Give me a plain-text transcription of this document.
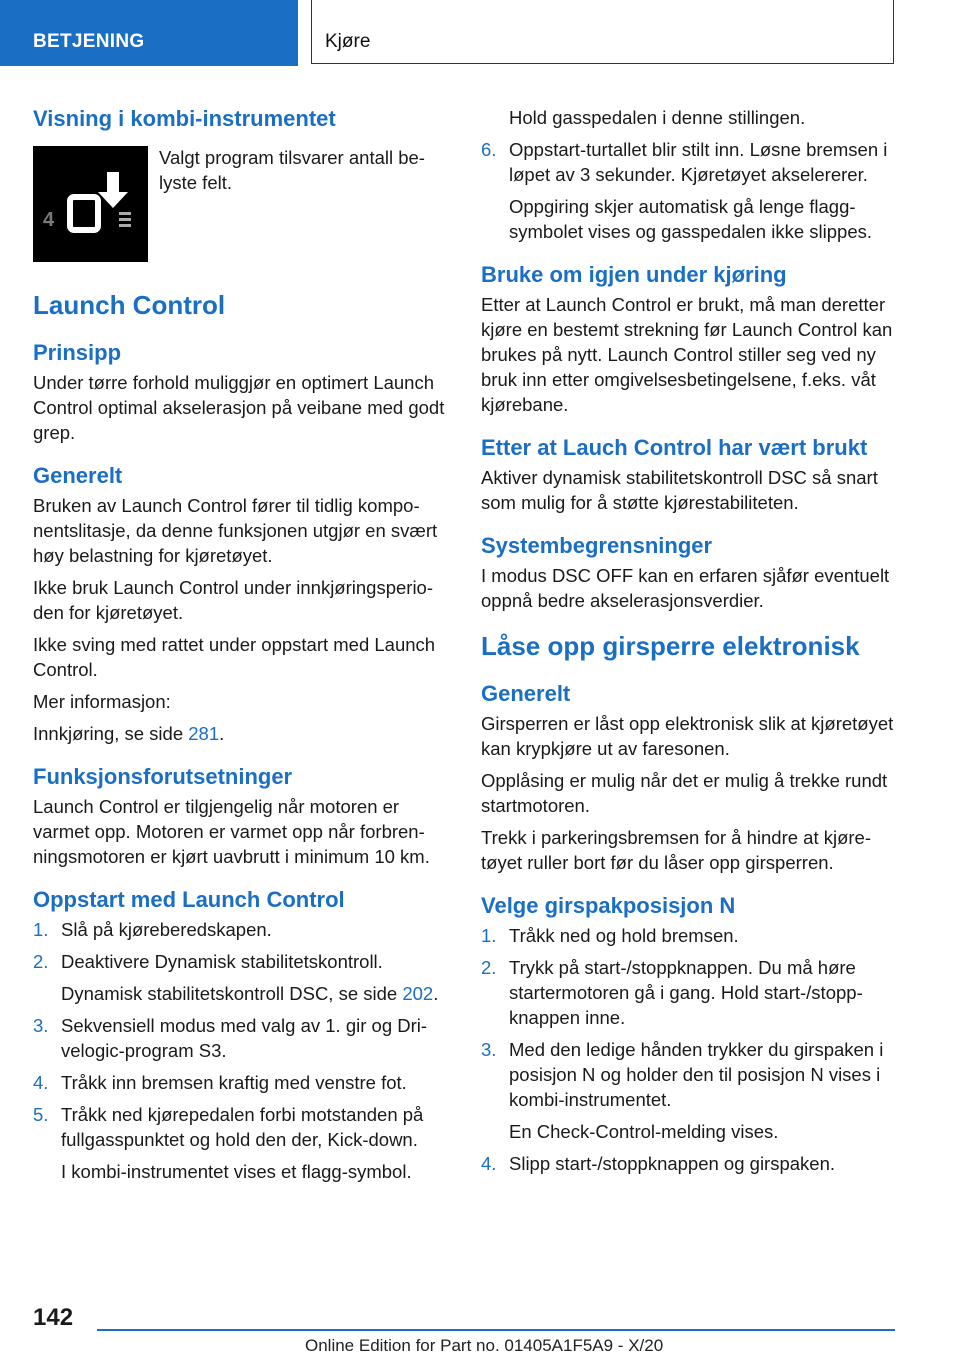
BETJENING	Kjøre
Visning i kombi-instrumentet
4

Valgt program tilsvarer antall be-

lyste felt.

Launch Control
Prinsipp

Under tørre forhold muliggjør en optimert Launch Control optimal akselerasjon på veibane med godt grep.

Generelt

Bruken av Launch Control fører til tidlig komponentslitasje, da denne funksjonen utgjør en svært høy belastning for kjøretøyet.

Ikke bruk Launch Control under innkjøringsperioden for kjøretøyet.

Ikke sving med rattet under oppstart med Launch Control.

Mer informasjon:

Innkjøring, se side 281.

Funksjonsforutsetninger

Launch Control er tilgjengelig når motoren er varmet opp. Motoren er varmet opp når forbrenningsmotoren er kjørt uavbrutt i minimum 10 km.

Oppstart med Launch Control

1. Slå på kjøreberedskapen.

2. Deaktivere Dynamisk stabilitetskontroll.

Dynamisk stabilitetskontroll DSC, se side 202.

3. Sekvensiell modus med valg av 1. gir og Drivelogic-program S3.

4. Tråkk inn bremsen kraftig med venstre fot.

5. Tråkk ned kjørepedalen forbi motstanden på fullgasspunktet og hold den der, Kick-down.

I kombi-instrumentet vises et flagg-symbol.

Hold gasspedalen i denne stillingen.

6. Oppstart-turtallet blir stilt inn. Løsne bremsen i løpet av 3 sekunder. Kjøretøyet akselererer.

Oppgiring skjer automatisk gå lenge flaggsymbolet vises og gasspedalen ikke slippes.

Bruke om igjen under kjøring

Etter at Launch Control er brukt, må man deretter kjøre en bestemt strekning før Launch Control kan brukes på nytt. Launch Control stiller seg ved ny bruk inn etter omgivelsesbetingelsene, f.eks. våt kjørebane.

Etter at Lauch Control har vært brukt

Aktiver dynamisk stabilitetskontroll DSC så snart som mulig for å støtte kjørestabiliteten.

Systembegrensninger

I modus DSC OFF kan en erfaren sjåfør eventuelt oppnå bedre akselerasjonsverdier.

Låse opp girsperre elektronisk
Generelt

Girsperren er låst opp elektronisk slik at kjøretøyet kan krypkjøre ut av faresonen.

Opplåsing er mulig når det er mulig å trekke rundt startmotoren.

Trekk i parkeringsbremsen for å hindre at kjøretøyet ruller bort før du låser opp girsperren.

Velge girspakposisjon N

1. Tråkk ned og hold bremsen.

2. Trykk på start-/stoppknappen. Du må høre startermotoren gå i gang. Hold start-/stoppknappen inne.

3. Med den ledige hånden trykker du girspaken i posisjon N og holder den til posisjon N vises i kombi-instrumentet.

En Check-Control-melding vises.

4. Slipp start-/stoppknappen og girspaken.

142
Online Edition for Part no. 01405A1F5A9 - X/20
